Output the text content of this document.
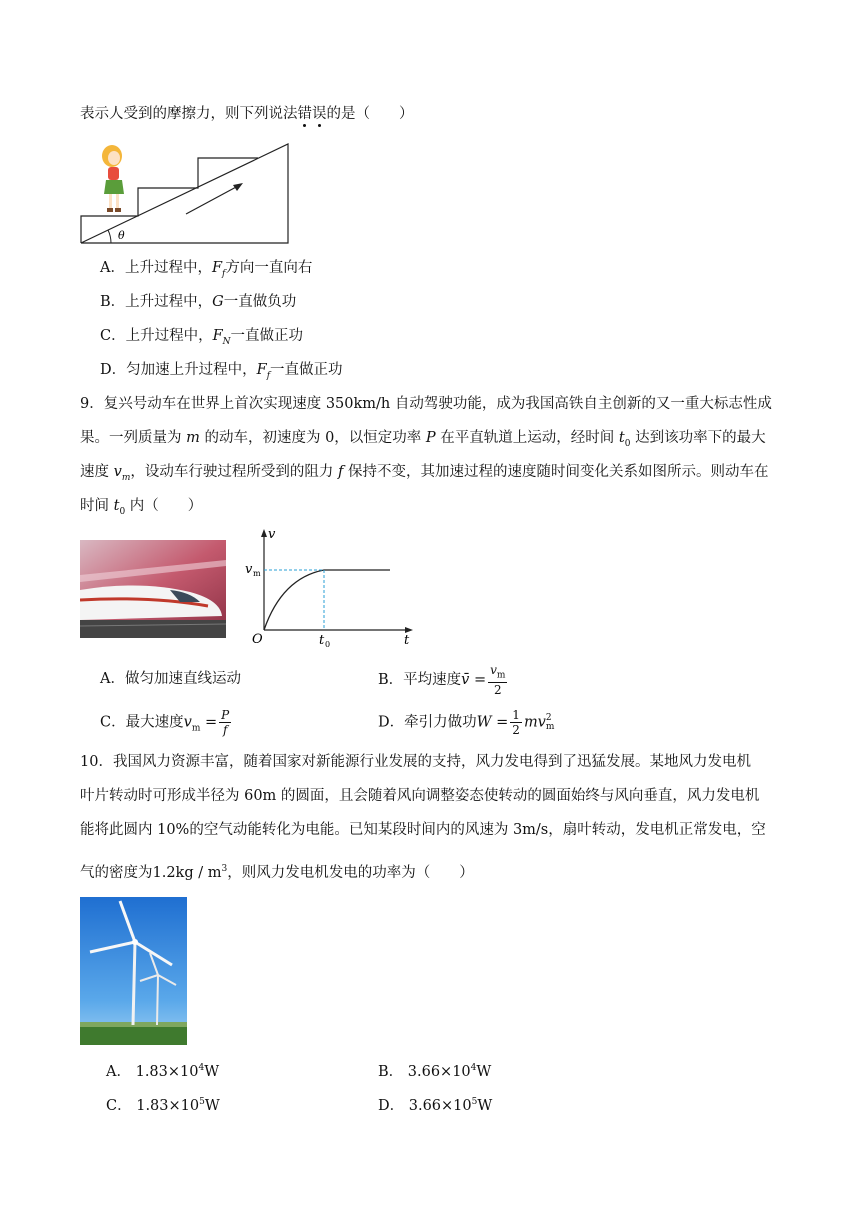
表示人受到的摩擦力，则下列说法错误的是（　　）
θ
A．上升过程中，$F_f$方向一直向右
B．上升过程中，G一直做负功
C．上升过程中，$F_N$一直做正功
D．匀加速上升过程中，$F_f$一直做正功
9．复兴号动车在世界上首次实现速度 350km/h 自动驾驶功能，成为我国高铁自主创新的又一重大标志性成
果。一列质量为 m 的动车，初速度为 0，以恒定功率 P 在平直轨道上运动，经时间 $t_0$ 达到该功率下的最大
速度 $v_m$，设动车行驶过程所受到的阻力 f 保持不变，其加速过程的速度随时间变化关系如图所示。则动车在
时间 $t_0$ 内（　　）
v
t
O
v m
t 0
A．做匀加速直线运动	B．平均速度v̄ = $\frac{v_m}{2}$
C．最大速度$v_m = \frac{P}{f}$	D．牵引力做功$W = \frac{1}{2}$ mv 2
m
10．我国风力资源丰富，随着国家对新能源行业发展的支持，风力发电得到了迅猛发展。某地风力发电机
叶片转动时可形成半径为 60m 的圆面，且会随着风向调整姿态使转动的圆面始终与风向垂直，风力发电机
能将此圆内 10%的空气动能转化为电能。已知某段时间内的风速为 3m/s，扇叶转动，发电机正常发电，空
气的密度为$1.2kg / m^3$，则风力发电机发电的功率为（　　）
A． $1.83\times 10^4W$	B． $3.66\times 10^4W$
C． $1.83\times 10^5W$	D． $3.66\times 10^5W$
